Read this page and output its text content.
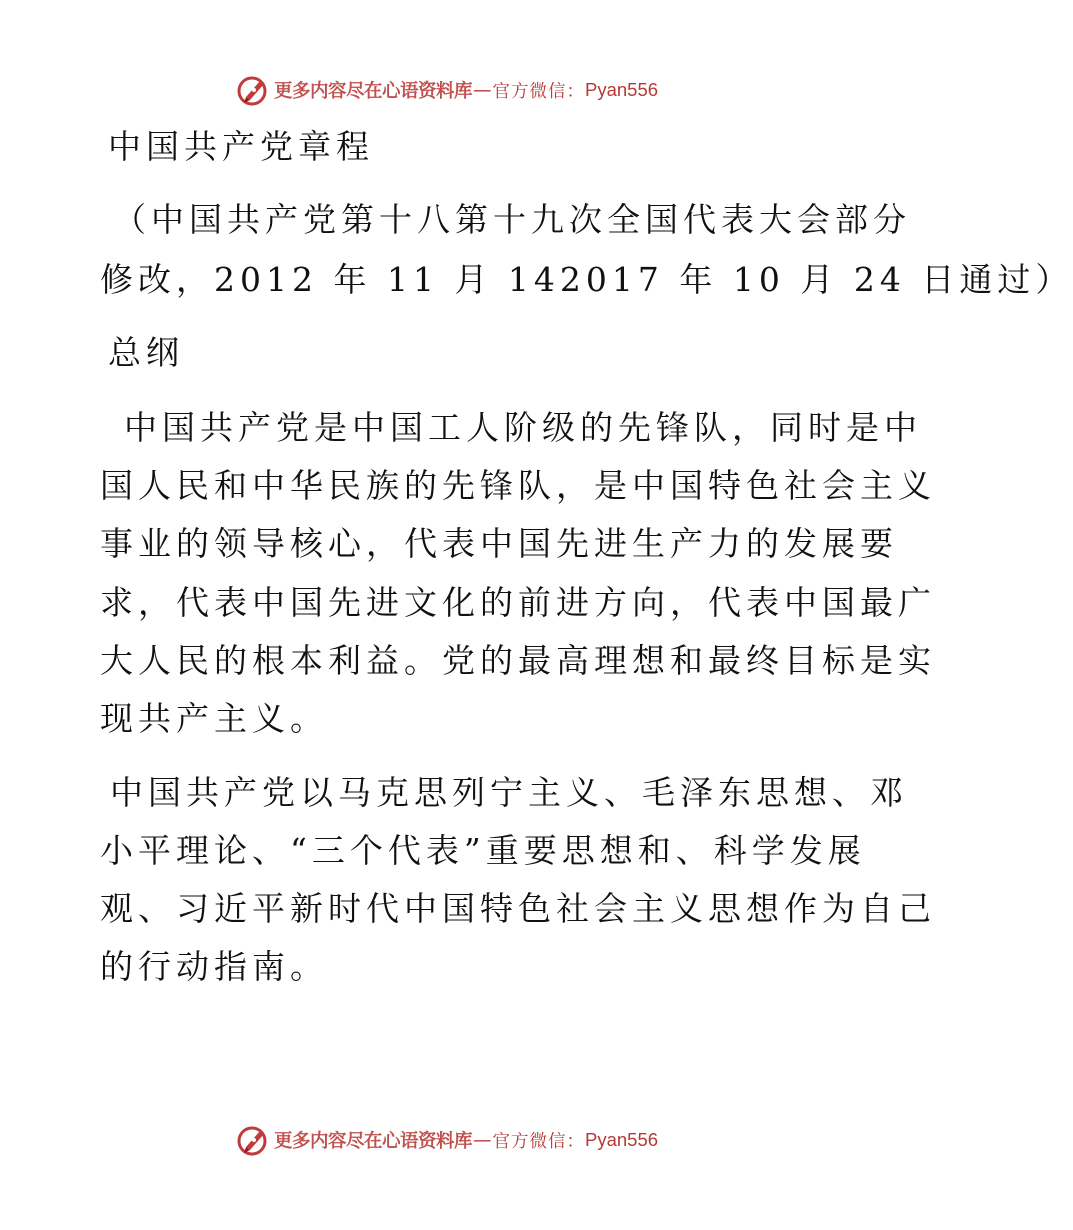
更多内容尽在心语资料库 — 官方微信： Pyan556
中国共产党章程
（中国共产党第十八第十九次全国代表大会部分
修改，2012 年 11 月 142017 年 10 月 24 日通过）
总纲
中国共产党是中国工人阶级的先锋队，同时是中
国人民和中华民族的先锋队，是中国特色社会主义
事业的领导核心，代表中国先进生产力的发展要
求，代表中国先进文化的前进方向，代表中国最广
大人民的根本利益。党的最高理想和最终目标是实
现共产主义。
中国共产党以马克思列宁主义、毛泽东思想、邓
小平理论、“三个代表”重要思想和、科学发展
观、习近平新时代中国特色社会主义思想作为自己
的行动指南。
更多内容尽在心语资料库 — 官方微信： Pyan556
